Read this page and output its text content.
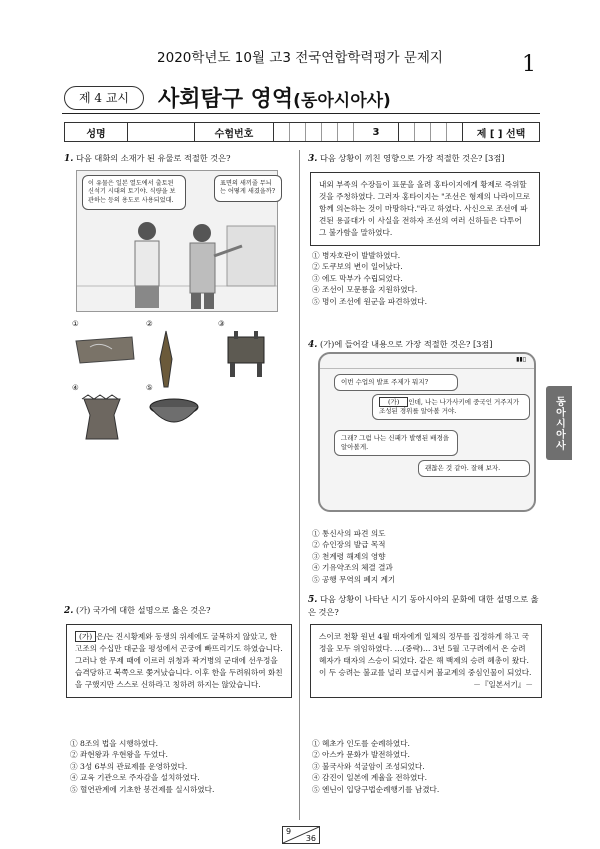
2020학년도 10월 고3 전국연합학력평가 문제지	1
제 4 교시	사회탐구 영역(동아시아사)
성명	수험번호	3	제 [ ] 선택
1. 다음 대화의 소재가 된 유물로 적절한 것은?
이 유물은 일본 열도에서 출토된 신석기 시대의 토기야. 식량을 보관하는 등의 용도로 사용되었대.
표면의 새끼줄 무늬는 어떻게 새겼을까?
①	②	③
④	⑤
2. (가) 국가에 대한 설명으로 옳은 것은?
(가) 은/는 진시황제와 동생의 위세에도 굴복하지 않았고, 한 고조의 수십만 대군을 평성에서 곤궁에 빠뜨리기도 하였습니다. 그러나 한 무제 때에 이르러 위청과 곽거병의 군대에 선우정을 습격당하고 북쪽으로 쫓겨났습니다. 이후 한을 두려워하여 화친을 구했지만 스스로 신하라고 칭하려 하지는 않았습니다.
① 8조의 법을 시행하였다.
② 좌현왕과 우현왕을 두었다.
③ 3성 6부의 관료제를 운영하였다.
④ 교육 기관으로 주자감을 설치하였다.
⑤ 혈연관계에 기초한 봉건제를 실시하였다.
3. 다음 상황이 끼친 영향으로 가장 적절한 것은? [3점]
내외 부족의 수장들이 표문을 올려 홍타이지에게 황제로 즉위할 것을 주청하였다. 그러자 홍타이지는 "조선은 형제의 나라이므로 함께 의논하는 것이 마땅하다."라고 하였다. 사신으로 조선에 파견된 용골대가 이 사실을 전하자 조선의 여러 신하들은 다투어 그 불가함을 말하였다.
① 병자호란이 발발하였다.
② 도쿠보의 변이 일어났다.
③ 에도 막부가 수립되었다.
④ 조선이 모문룡을 지원하였다.
⑤ 명이 조선에 원군을 파견하였다.
4. (가)에 들어갈 내용으로 가장 적절한 것은? [3점]
▮▮▯
이번 수업의 발표 주제가 뭐지?
(가) 인데, 나는 나가사키에 중국인 거주지가 조성된 경위를 알아볼 거야.
그래? 그럼 나는 신패가 발행된 배경을 알아볼게.
괜찮은 것 같아. 잘해 보자.
동아시아사
① 통신사의 파견 의도
② 슈인장의 발급 목적
③ 천계령 해제의 영향
④ 기유약조의 체결 결과
⑤ 공행 무역의 폐지 계기
5. 다음 상황이 나타난 시기 동아시아의 문화에 대한 설명으로 옳은 것은?
스이코 천황 원년 4월 태자에게 일체의 정무를 집정하게 하고 국정을 모두 위임하였다. …(중략)… 3년 5월 고구려에서 온 승려 혜자가 태자의 스승이 되었다. 같은 해 백제의 승려 혜총이 왔다. 이 두 승려는 불교를 널리 보급시켜 불교계의 중심인물이 되었다.
－『일본서기』－
① 혜초가 인도를 순례하였다.
② 아스카 문화가 발전하였다.
③ 불국사와 석굴암이 조성되었다.
④ 감진이 일본에 계율을 전하였다.
⑤ 엔닌이 입당구법순례행기를 남겼다.
9
36
